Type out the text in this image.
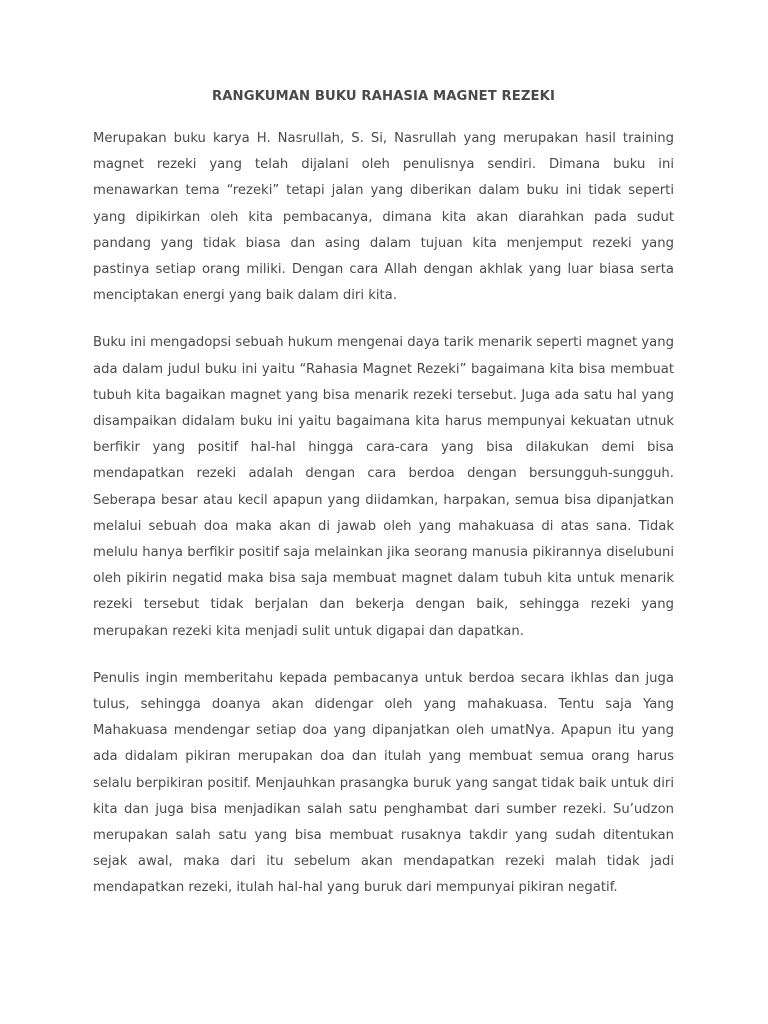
RANGKUMAN BUKU RAHASIA MAGNET REZEKI

Merupakan buku karya H. Nasrullah, S. Si, Nasrullah yang merupakan hasil training magnet rezeki yang telah dijalani oleh penulisnya sendiri. Dimana buku ini menawarkan tema “rezeki” tetapi jalan yang diberikan dalam buku ini tidak seperti yang dipikirkan oleh kita pembacanya, dimana kita akan diarahkan pada sudut pandang yang tidak biasa dan asing dalam tujuan kita menjemput rezeki yang pastinya setiap orang miliki. Dengan cara Allah dengan akhlak yang luar biasa serta menciptakan energi yang baik dalam diri kita.

Buku ini mengadopsi sebuah hukum mengenai daya tarik menarik seperti magnet yang ada dalam judul buku ini yaitu “Rahasia Magnet Rezeki” bagaimana kita bisa membuat tubuh kita bagaikan magnet yang bisa menarik rezeki tersebut. Juga ada satu hal yang disampaikan didalam buku ini yaitu bagaimana kita harus mempunyai kekuatan utnuk berfikir yang positif hal-hal hingga cara-cara yang bisa dilakukan demi bisa mendapatkan rezeki adalah dengan cara berdoa dengan bersungguh-sungguh. Seberapa besar atau kecil apapun yang diidamkan, harpakan, semua bisa dipanjatkan melalui sebuah doa maka akan di jawab oleh yang mahakuasa di atas sana. Tidak melulu hanya berfikir positif saja melainkan jika seorang manusia pikirannya diselubuni oleh pikirin negatid maka bisa saja membuat magnet dalam tubuh kita untuk menarik rezeki tersebut tidak berjalan dan bekerja dengan baik, sehingga rezeki yang merupakan rezeki kita menjadi sulit untuk digapai dan dapatkan.

Penulis ingin memberitahu kepada pembacanya untuk berdoa secara ikhlas dan juga tulus, sehingga doanya akan didengar oleh yang mahakuasa. Tentu saja Yang Mahakuasa mendengar setiap doa yang dipanjatkan oleh umatNya. Apapun itu yang ada didalam pikiran merupakan doa dan itulah yang membuat semua orang harus selalu berpikiran positif. Menjauhkan prasangka buruk yang sangat tidak baik untuk diri kita dan juga bisa menjadikan salah satu penghambat dari sumber rezeki. Su’udzon merupakan salah satu yang bisa membuat rusaknya takdir yang sudah ditentukan sejak awal, maka dari itu sebelum akan mendapatkan rezeki malah tidak jadi mendapatkan rezeki, itulah hal-hal yang buruk dari mempunyai pikiran negatif.
